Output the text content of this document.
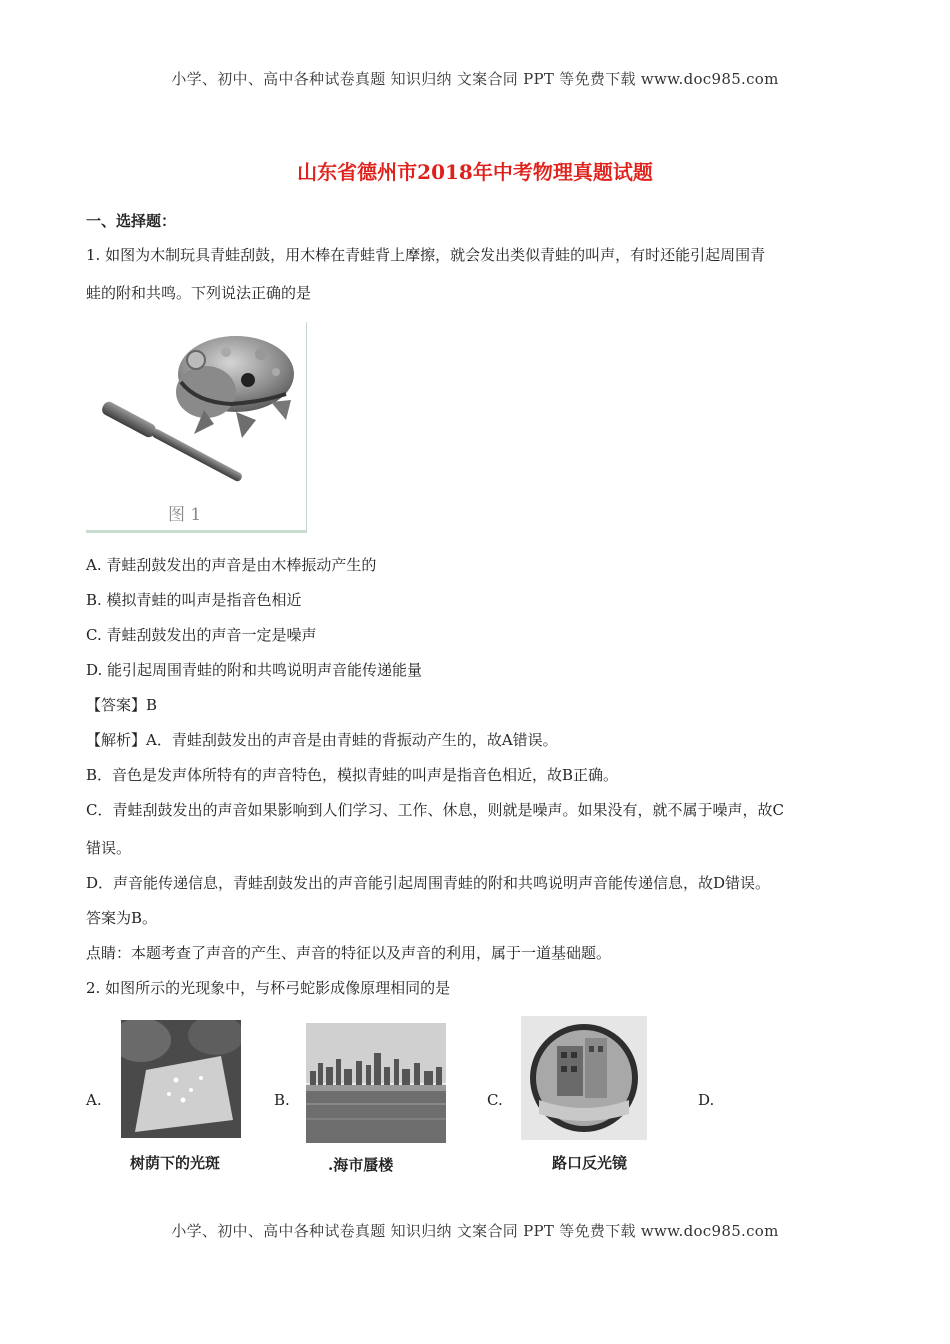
小学、初中、高中各种试卷真题 知识归纳 文案合同 PPT 等免费下载 www.doc985.com
山东省德州市2018年中考物理真题试题
一、选择题：
1. 如图为木制玩具青蛙刮鼓，用木棒在青蛙背上摩擦，就会发出类似青蛙的叫声，有时还能引起周围青
蛙的附和共鸣。下列说法正确的是
图 1
A. 青蛙刮鼓发出的声音是由木棒振动产生的
B. 模拟青蛙的叫声是指音色相近
C. 青蛙刮鼓发出的声音一定是噪声
D. 能引起周围青蛙的附和共鸣说明声音能传递能量
【答案】B
【解析】A．青蛙刮鼓发出的声音是由青蛙的背振动产生的，故A错误。
B．音色是发声体所特有的声音特色，模拟青蛙的叫声是指音色相近，故B正确。
C．青蛙刮鼓发出的声音如果影响到人们学习、工作、休息，则就是噪声。如果没有，就不属于噪声，故C
错误。
D．声音能传递信息，青蛙刮鼓发出的声音能引起周围青蛙的附和共鸣说明声音能传递信息，故D错误。
答案为B。
点睛：本题考查了声音的产生、声音的特征以及声音的利用，属于一道基础题。
2. 如图所示的光现象中，与杯弓蛇影成像原理相同的是
A.
树荫下的光斑
B.
.海市蜃楼
C.
路口反光镜
D.
小学、初中、高中各种试卷真题 知识归纳 文案合同 PPT 等免费下载 www.doc985.com
